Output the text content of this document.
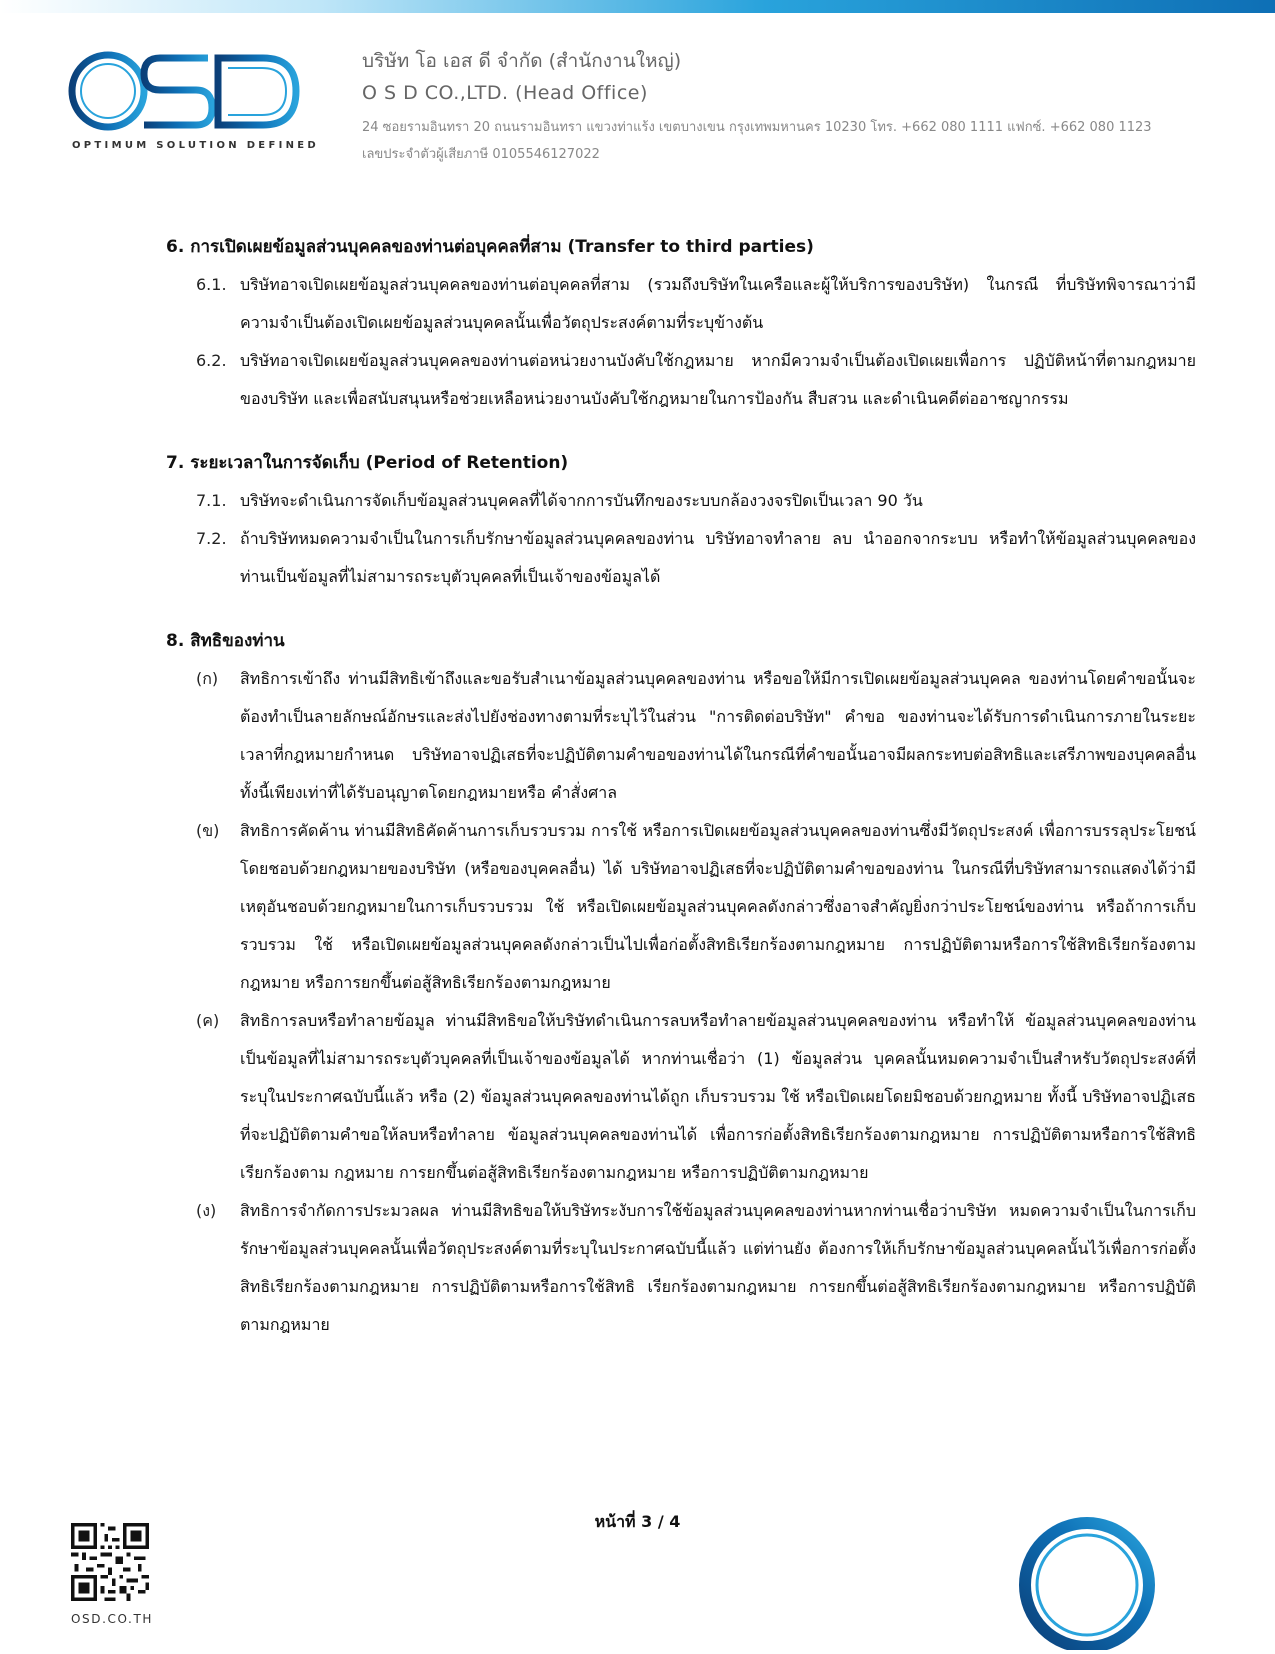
OPTIMUM SOLUTION DEFINED

บริษัท โอ เอส ดี จำกัด (สำนักงานใหญ่)

O S D CO.,LTD. (Head Office)

24 ซอยรามอินทรา 20 ถนนรามอินทรา แขวงท่าแร้ง เขตบางเขน กรุงเทพมหานคร 10230 โทร. +662 080 1111 แฟกซ์. +662 080 1123

เลขประจำตัวผู้เสียภาษี 0105546127022

6. การเปิดเผยข้อมูลส่วนบุคคลของท่านต่อบุคคลที่สาม (Transfer to third parties)

6.1. บริษัทอาจเปิดเผยข้อมูลส่วนบุคคลของท่านต่อบุคคลที่สาม (รวมถึงบริษัทในเครือและผู้ให้บริการของบริษัท) ในกรณี ที่บริษัทพิจารณาว่ามีความจำเป็นต้องเปิดเผยข้อมูลส่วนบุคคลนั้นเพื่อวัตถุประสงค์ตามที่ระบุข้างต้น
6.2. บริษัทอาจเปิดเผยข้อมูลส่วนบุคคลของท่านต่อหน่วยงานบังคับใช้กฎหมาย หากมีความจำเป็นต้องเปิดเผยเพื่อการ ปฏิบัติหน้าที่ตามกฎหมายของบริษัท และเพื่อสนับสนุนหรือช่วยเหลือหน่วยงานบังคับใช้กฎหมายในการป้องกัน สืบสวน และดำเนินคดีต่ออาชญากรรม

7. ระยะเวลาในการจัดเก็บ (Period of Retention)

7.1. บริษัทจะดำเนินการจัดเก็บข้อมูลส่วนบุคคลที่ได้จากการบันทึกของระบบกล้องวงจรปิดเป็นเวลา 90 วัน
7.2. ถ้าบริษัทหมดความจำเป็นในการเก็บรักษาข้อมูลส่วนบุคคลของท่าน บริษัทอาจทำลาย ลบ นำออกจากระบบ หรือทำให้ข้อมูลส่วนบุคคลของท่านเป็นข้อมูลที่ไม่สามารถระบุตัวบุคคลที่เป็นเจ้าของข้อมูลได้

8. สิทธิของท่าน

(ก)	สิทธิการเข้าถึง ท่านมีสิทธิเข้าถึงและขอรับสำเนาข้อมูลส่วนบุคคลของท่าน หรือขอให้มีการเปิดเผยข้อมูลส่วนบุคคล ของท่านโดยคำขอนั้นจะต้องทำเป็นลายลักษณ์อักษรและส่งไปยังช่องทางตามที่ระบุไว้ในส่วน "การติดต่อบริษัท" คำขอ ของท่านจะได้รับการดำเนินการภายในระยะเวลาที่กฎหมายกำหนด บริษัทอาจปฏิเสธที่จะปฏิบัติตามคำขอของท่านได้ในกรณีที่คำขอนั้นอาจมีผลกระทบต่อสิทธิและเสรีภาพของบุคคลอื่น ทั้งนี้เพียงเท่าที่ได้รับอนุญาตโดยกฎหมายหรือ คำสั่งศาล
(ข)	สิทธิการคัดค้าน ท่านมีสิทธิคัดค้านการเก็บรวบรวม การใช้ หรือการเปิดเผยข้อมูลส่วนบุคคลของท่านซึ่งมีวัตถุประสงค์ เพื่อการบรรลุประโยชน์โดยชอบด้วยกฎหมายของบริษัท (หรือของบุคคลอื่น) ได้ บริษัทอาจปฏิเสธที่จะปฏิบัติตามคำขอของท่าน ในกรณีที่บริษัทสามารถแสดงได้ว่ามีเหตุอันชอบด้วยกฎหมายในการเก็บรวบรวม ใช้ หรือเปิดเผยข้อมูลส่วนบุคคลดังกล่าวซึ่งอาจสำคัญยิ่งกว่าประโยชน์ของท่าน หรือถ้าการเก็บรวบรวม ใช้ หรือเปิดเผยข้อมูลส่วนบุคคลดังกล่าวเป็นไปเพื่อก่อตั้งสิทธิเรียกร้องตามกฎหมาย การปฏิบัติตามหรือการใช้สิทธิเรียกร้องตามกฎหมาย หรือการยกขึ้นต่อสู้สิทธิเรียกร้องตามกฎหมาย
(ค)	สิทธิการลบหรือทำลายข้อมูล ท่านมีสิทธิขอให้บริษัทดำเนินการลบหรือทำลายข้อมูลส่วนบุคคลของท่าน หรือทำให้ ข้อมูลส่วนบุคคลของท่านเป็นข้อมูลที่ไม่สามารถระบุตัวบุคคลที่เป็นเจ้าของข้อมูลได้ หากท่านเชื่อว่า (1) ข้อมูลส่วน บุคคลนั้นหมดความจำเป็นสำหรับวัตถุประสงค์ที่ระบุในประกาศฉบับนี้แล้ว หรือ (2) ข้อมูลส่วนบุคคลของท่านได้ถูก เก็บรวบรวม ใช้ หรือเปิดเผยโดยมิชอบด้วยกฎหมาย ทั้งนี้ บริษัทอาจปฏิเสธที่จะปฏิบัติตามคำขอให้ลบหรือทำลาย ข้อมูลส่วนบุคคลของท่านได้ เพื่อการก่อตั้งสิทธิเรียกร้องตามกฎหมาย การปฏิบัติตามหรือการใช้สิทธิเรียกร้องตาม กฎหมาย การยกขึ้นต่อสู้สิทธิเรียกร้องตามกฎหมาย หรือการปฏิบัติตามกฎหมาย
(ง)	สิทธิการจำกัดการประมวลผล ท่านมีสิทธิขอให้บริษัทระงับการใช้ข้อมูลส่วนบุคคลของท่านหากท่านเชื่อว่าบริษัท หมดความจำเป็นในการเก็บรักษาข้อมูลส่วนบุคคลนั้นเพื่อวัตถุประสงค์ตามที่ระบุในประกาศฉบับนี้แล้ว แต่ท่านยัง ต้องการให้เก็บรักษาข้อมูลส่วนบุคคลนั้นไว้เพื่อการก่อตั้งสิทธิเรียกร้องตามกฎหมาย การปฏิบัติตามหรือการใช้สิทธิ เรียกร้องตามกฎหมาย การยกขึ้นต่อสู้สิทธิเรียกร้องตามกฎหมาย หรือการปฏิบัติตามกฎหมาย
หน้าที่ 3 / 4
OSD.CO.TH
